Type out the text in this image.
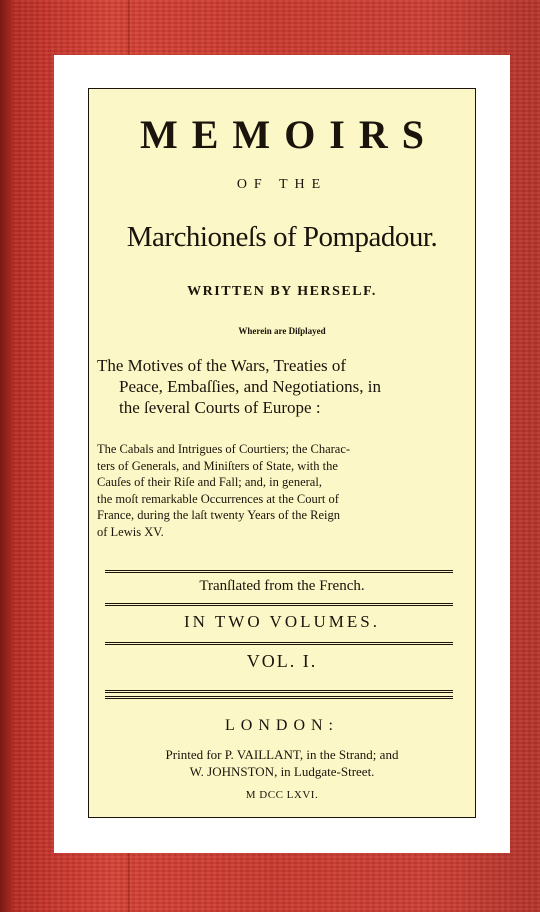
MEMOIRS
OF THE
Marchioneſs of Pompadour.
WRITTEN BY HERSELF.
Wherein are Diſplayed
The Motives of the Wars, Treaties of
Peace, Embaſſies, and Negotiations, in
the ſeveral Courts of Europe :
The Cabals and Intrigues of Courtiers; the Charac-
ters of Generals, and Miniſters of State, with the
Cauſes of their Riſe and Fall; and, in general,
the moſt remarkable Occurrences at the Court of
France, during the laſt twenty Years of the Reign
of Lewis XV.
Tranſlated from the French.
IN TWO VOLUMES.
VOL. I.
LONDON:
Printed for P. VAILLANT, in the Strand; and
W. JOHNSTON, in Ludgate-Street.
M DCC LXVI.
